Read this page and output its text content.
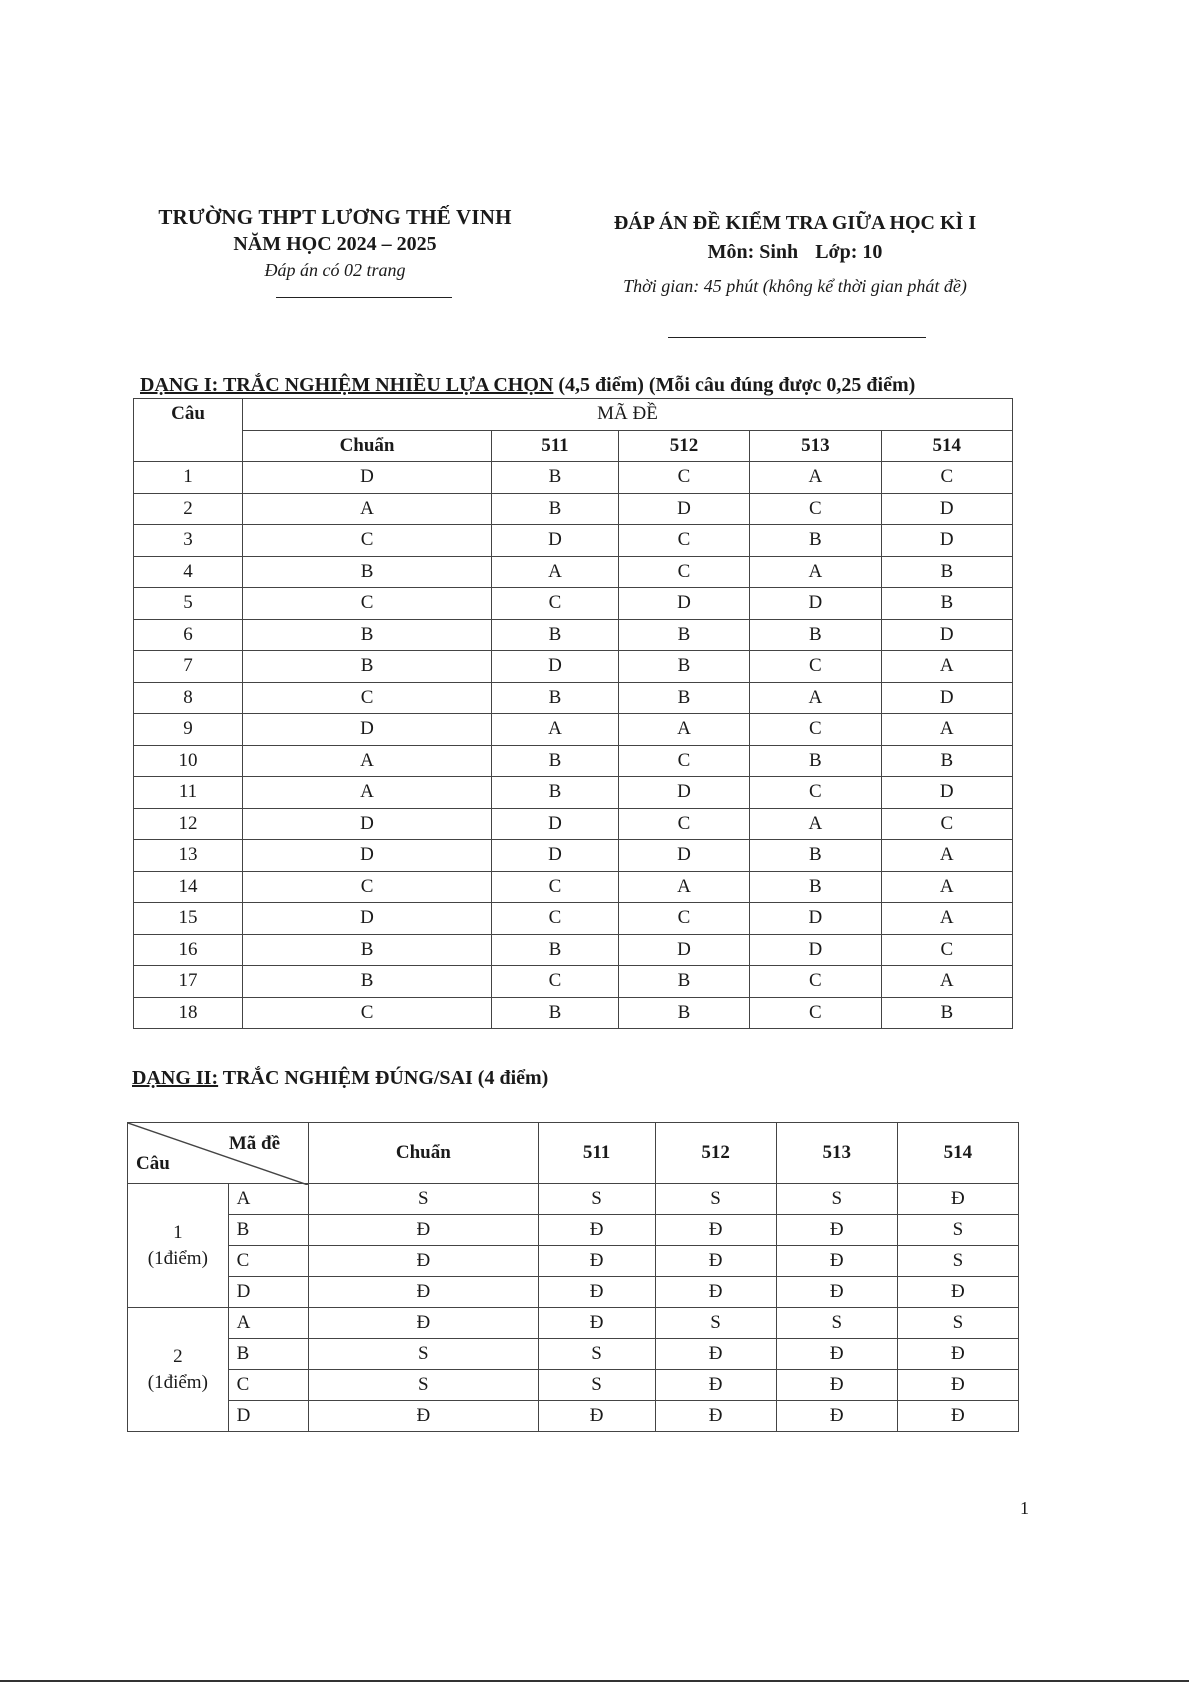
TRƯỜNG THPT LƯƠNG THẾ VINH
NĂM HỌC 2024 – 2025
Đáp án có 02 trang
ĐÁP ÁN ĐỀ KIỂM TRA GIỮA HỌC KÌ I
Môn: Sinh Lớp: 10
Thời gian: 45 phút (không kể thời gian phát đề)
DẠNG I: TRẮC NGHIỆM NHIỀU LỰA CHỌN (4,5 điểm) (Mỗi câu đúng được 0,25 điểm)
Câu	MÃ ĐỀ				
	Chuẩn	511	512	513	514
1	D	B	C	A	C
2	A	B	D	C	D
3	C	D	C	B	D
4	B	A	C	A	B
5	C	C	D	D	B
6	B	B	B	B	D
7	B	D	B	C	A
8	C	B	B	A	D
9	D	A	A	C	A
10	A	B	C	B	B
11	A	B	D	C	D
12	D	D	C	A	C
13	D	D	D	B	A
14	C	C	A	B	A
15	D	C	C	D	A
16	B	B	D	D	C
17	B	C	B	C	A
18	C	B	B	C	B
DẠNG II: TRẮC NGHIỆM ĐÚNG/SAI (4 điểm)
Mã đề
Câu		Chuẩn	511	512	513	514

1
(1điểm)	A	S	S	S	S	Đ
	B	Đ	Đ	Đ	Đ	S
	C	Đ	Đ	Đ	Đ	S
	D	Đ	Đ	Đ	Đ	Đ

2
(1điểm)	A	Đ	Đ	S	S	S
	B	S	S	Đ	Đ	Đ
	C	S	S	Đ	Đ	Đ
	D	Đ	Đ	Đ	Đ	Đ
1
